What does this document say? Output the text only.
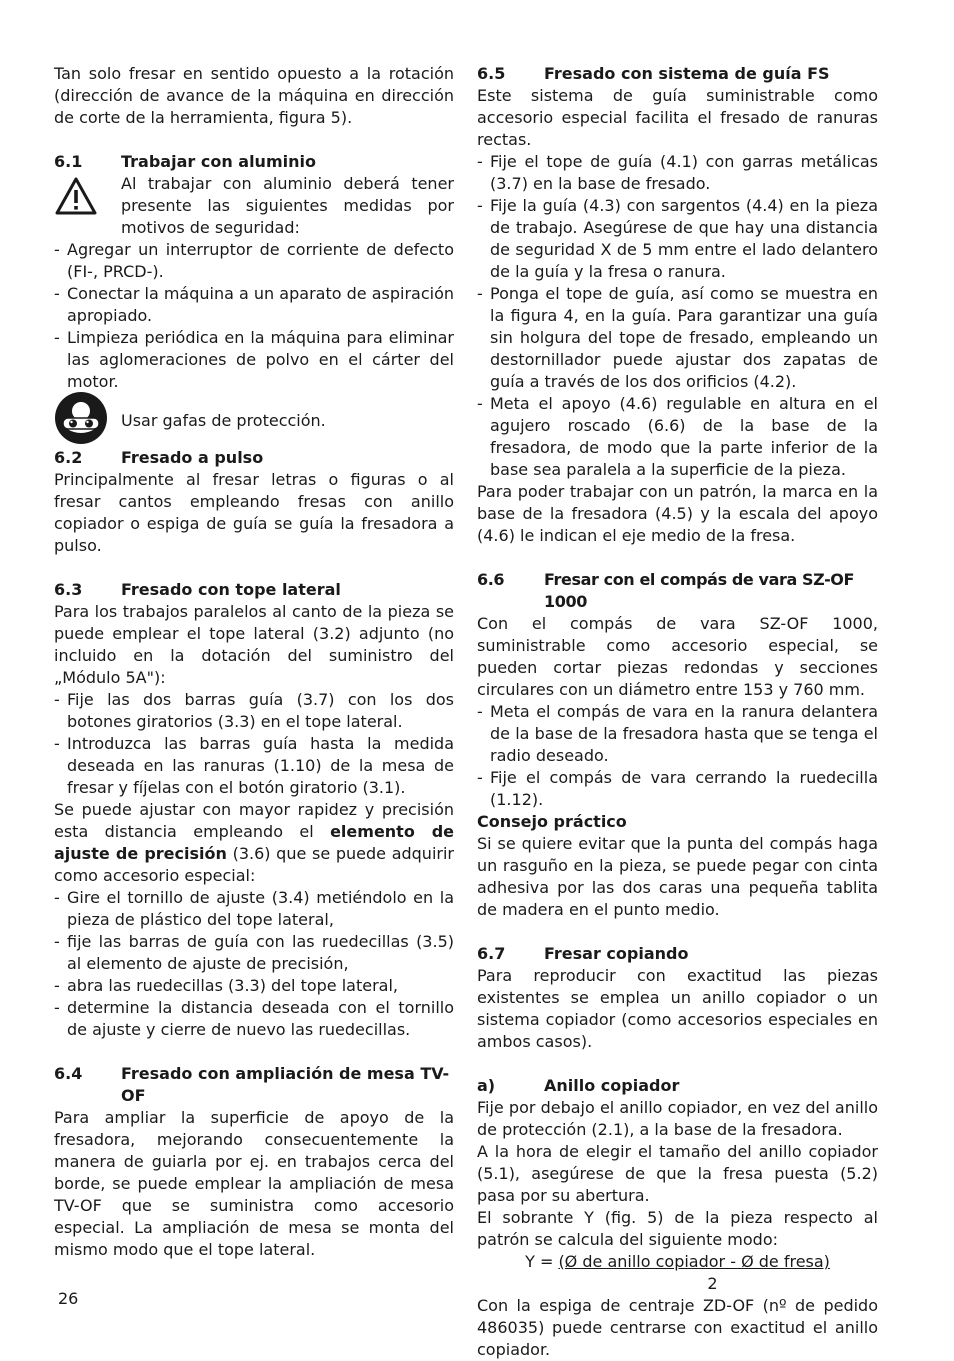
Tan solo fresar en sentido opuesto a la rotación (dirección de avance de la máquina en dirección de corte de la herramienta, figura 5).

6.1	Trabajar con aluminio

Al trabajar con aluminio deberá tener presente las siguientes medidas por motivos de seguridad:

- Agregar un interruptor de corriente de defecto (FI-, PRCD-).
- Conectar la máquina a un aparato de aspiración apropiado.
- Limpieza periódica en la máquina para eliminar las aglomeraciones de polvo en el cárter del motor.
Usar gafas de protección.
6.2	Fresado a pulso

Principalmente al fresar letras o figuras o al fresar cantos empleando fresas con anillo copiador o espiga de guía se guía la fresadora a pulso.

6.3	Fresado con tope lateral

Para los trabajos paralelos al canto de la pieza se puede emplear el tope lateral (3.2) adjunto (no incluido en la dotación del suministro del „Módulo 5A"):

- Fije las dos barras guía (3.7) con los dos botones giratorios (3.3) en el tope lateral.
- Introduzca las barras guía hasta la medida deseada en las ranuras (1.10) de la mesa de fresar y fíjelas con el botón giratorio (3.1).

Se puede ajustar con mayor rapidez y precisión esta distancia empleando el elemento de ajuste de precisión (3.6) que se puede adquirir como accesorio especial:

- Gire el tornillo de ajuste (3.4) metiéndolo en la pieza de plástico del tope lateral,
- fije las barras de guía con las ruedecillas (3.5) al elemento de ajuste de precisión,
- abra las ruedecillas (3.3) del tope lateral,
- determine la distancia deseada con el tornillo de ajuste y cierre de nuevo las ruedecillas.
6.4	Fresado con ampliación de mesa TV-OF

Para ampliar la superficie de apoyo de la fresadora, mejorando consecuentemente la manera de guiarla por ej. en trabajos cerca del borde, se puede emplear la ampliación de mesa TV-OF que se suministra como accesorio especial. La ampliación de mesa se monta del mismo modo que el tope lateral.

6.5	Fresado con sistema de guía FS

Este sistema de guía suministrable como accesorio especial facilita el fresado de ranuras rectas.

- Fije el tope de guía (4.1) con garras metálicas (3.7) en la base de fresado.
- Fije la guía (4.3) con sargentos (4.4) en la pieza de trabajo. Asegúrese de que hay una distancia de seguridad X de 5 mm entre el lado delantero de la guía y la fresa o ranura.
- Ponga el tope de guía, así como se muestra en la figura 4, en la guía. Para garantizar una guía sin holgura del tope de fresado, empleando un destornillador puede ajustar dos zapatas de guía a través de los dos orificios (4.2).
- Meta el apoyo (4.6) regulable en altura en el agujero roscado (6.6) de la base de la fresadora, de modo que la parte inferior de la base sea paralela a la superficie de la pieza.

Para poder trabajar con un patrón, la marca en la base de la fresadora (4.5) y la escala del apoyo (4.6) le indican el eje medio de la fresa.

6.6	Fresar con el compás de vara SZ-OF 1000

Con el compás de vara SZ-OF 1000, suministrable como accesorio especial, se pueden cortar piezas redondas y secciones circulares con un diámetro entre 153 y 760 mm.

- Meta el compás de vara en la ranura delantera de la base de la fresadora hasta que se tenga el radio deseado.
- Fije el compás de vara cerrando la ruedecilla (1.12).

Consejo práctico

Si se quiere evitar que la punta del compás haga un rasguño en la pieza, se puede pegar con cinta adhesiva por las dos caras una pequeña tablita de madera en el punto medio.

6.7	Fresar copiando

Para reproducir con exactitud las piezas existentes se emplea un anillo copiador o un sistema copiador (como accesorios especiales en ambos casos).

a)	Anillo copiador

Fije por debajo el anillo copiador, en vez del anillo de protección (2.1), a la base de la fresadora.

A la hora de elegir el tamaño del anillo copiador (5.1), asegúrese de que la fresa puesta (5.2) pasa por su abertura.

El sobrante Y (fig. 5) de la pieza respecto al patrón se calcula del siguiente modo:

Y = (Ø de anillo copiador - Ø de fresa)
2

Con la espiga de centraje ZD-OF (nº de pedido 486035) puede centrarse con exactitud el anillo copiador.

26
